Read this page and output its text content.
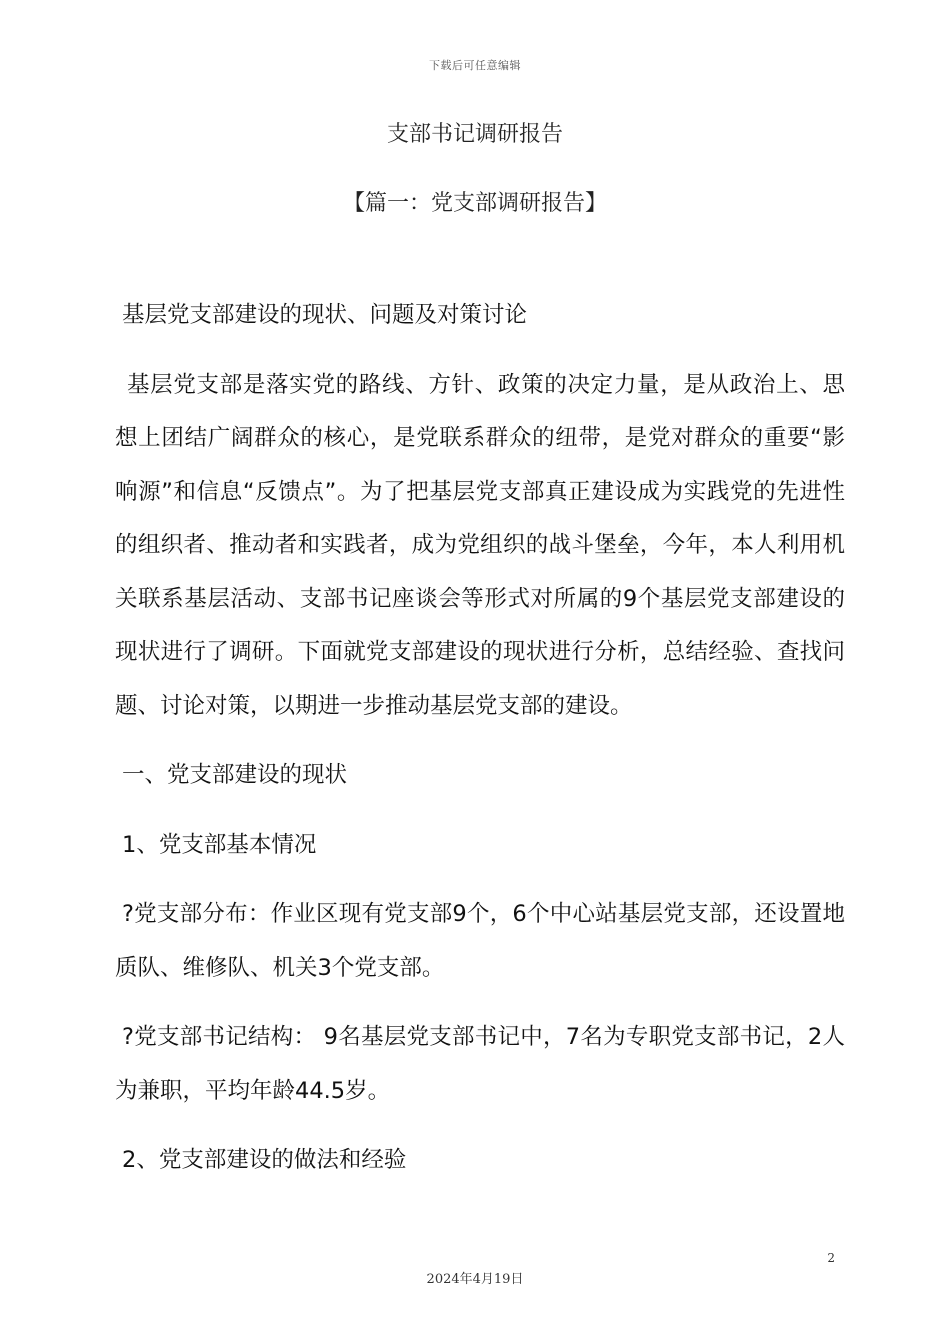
下载后可任意编辑
支部书记调研报告
【篇一：党支部调研报告】

基层党支部建设的现状、问题及对策讨论

基层党支部是落实党的路线、方针、政策的决定力量，是从政治上、思想上团结广阔群众的核心，是党联系群众的纽带，是党对群众的重要“影响源”和信息“反馈点”。为了把基层党支部真正建设成为实践党的先进性的组织者、推动者和实践者，成为党组织的战斗堡垒，今年，本人利用机关联系基层活动、支部书记座谈会等形式对所属的9个基层党支部建设的现状进行了调研。下面就党支部建设的现状进行分析，总结经验、查找问题、讨论对策，以期进一步推动基层党支部的建设。

一、党支部建设的现状

1、党支部基本情况

?党支部分布：作业区现有党支部9个，6个中心站基层党支部，还设置地质队、维修队、机关3个党支部。

?党支部书记结构： 9名基层党支部书记中，7名为专职党支部书记，2人为兼职，平均年龄44.5岁。

2、党支部建设的做法和经验

2
2024年4月19日
